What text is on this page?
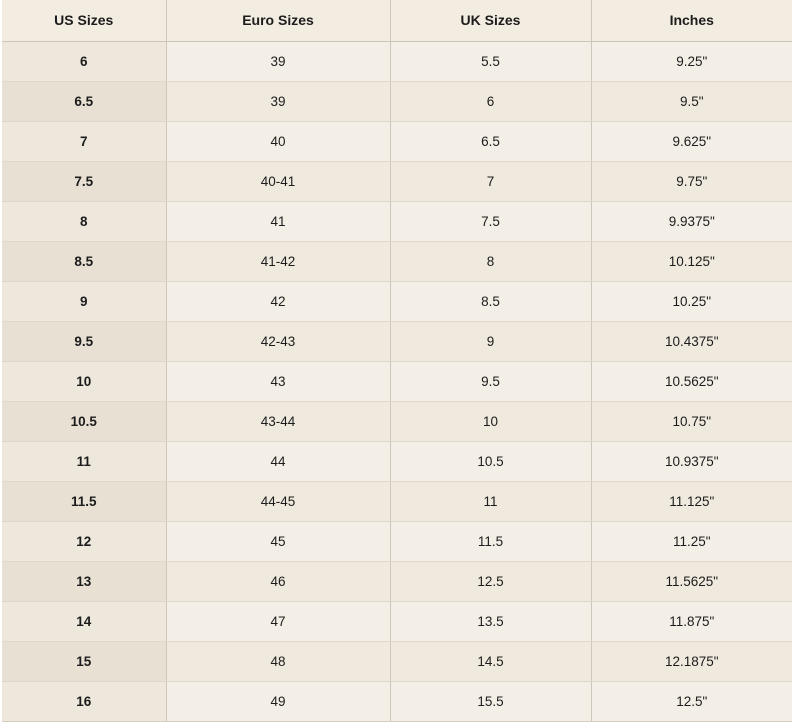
US Sizes	Euro Sizes	UK Sizes	Inches
6	39	5.5	9.25"
6.5	39	6	9.5"
7	40	6.5	9.625"
7.5	40-41	7	9.75"
8	41	7.5	9.9375"
8.5	41-42	8	10.125"
9	42	8.5	10.25"
9.5	42-43	9	10.4375"
10	43	9.5	10.5625"
10.5	43-44	10	10.75"
11	44	10.5	10.9375"
11.5	44-45	11	11.125"
12	45	11.5	11.25"
13	46	12.5	11.5625"
14	47	13.5	11.875"
15	48	14.5	12.1875"
16	49	15.5	12.5"
